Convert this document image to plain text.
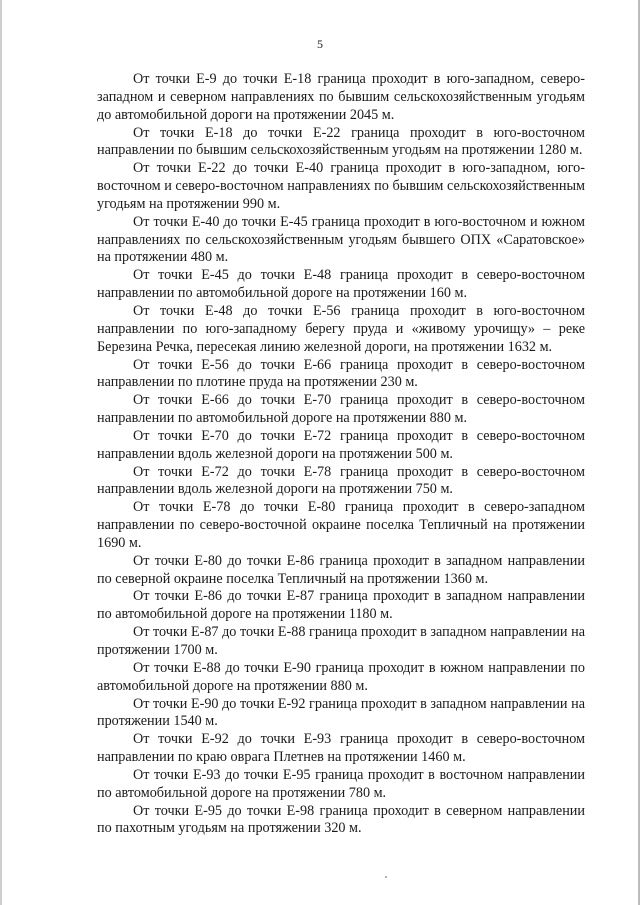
5

От точки Е-9 до точки Е-18 граница проходит в юго-западном, северо-западном и северном направлениях по бывшим сельскохозяйственным угодьям до автомобильной дороги на протяжении 2045 м.

От точки Е-18 до точки Е-22 граница проходит в юго-восточном направлении по бывшим сельскохозяйственным угодьям на протяжении 1280 м.

От точки Е-22 до точки Е-40 граница проходит в юго-западном, юго-восточном и северо-восточном направлениях по бывшим сельскохозяйственным угодьям на протяжении 990 м.

От точки Е-40 до точки Е-45 граница проходит в юго-восточном и южном направлениях по сельскохозяйственным угодьям бывшего ОПХ «Саратовское» на протяжении 480 м.

От точки Е-45 до точки Е-48 граница проходит в северо-восточном направлении по автомобильной дороге на протяжении 160 м.

От точки Е-48 до точки Е-56 граница проходит в юго-восточном направлении по юго-западному берегу пруда и «живому урочищу» – реке Березина Речка, пересекая линию железной дороги, на протяжении 1632 м.

От точки Е-56 до точки Е-66 граница проходит в северо-восточном направлении по плотине пруда на протяжении 230 м.

От точки Е-66 до точки Е-70 граница проходит в северо-восточном направлении по автомобильной дороге на протяжении 880 м.

От точки Е-70 до точки Е-72 граница проходит в северо-восточном направлении вдоль железной дороги на протяжении 500 м.

От точки Е-72 до точки Е-78 граница проходит в северо-восточном направлении вдоль железной дороги на протяжении 750 м.

От точки Е-78 до точки Е-80 граница проходит в северо-западном направлении по северо-восточной окраине поселка Тепличный на протяжении 1690 м.

От точки Е-80 до точки Е-86 граница проходит в западном направлении по северной окраине поселка Тепличный на протяжении 1360 м.

От точки Е-86 до точки Е-87 граница проходит в западном направлении по автомобильной дороге на протяжении 1180 м.

От точки Е-87 до точки Е-88 граница проходит в западном направлении на протяжении 1700 м.

От точки Е-88 до точки Е-90 граница проходит в южном направлении по автомобильной дороге на протяжении 880 м.

От точки Е-90 до точки Е-92 граница проходит в западном направлении на протяжении 1540 м.

От точки Е-92 до точки Е-93 граница проходит в северо-восточном направлении по краю оврага Плетнев на протяжении 1460 м.

От точки Е-93 до точки Е-95 граница проходит в восточном направлении по автомобильной дороге на протяжении 780 м.

От точки Е-95 до точки Е-98 граница проходит в северном направлении по пахотным угодьям на протяжении 320 м.
